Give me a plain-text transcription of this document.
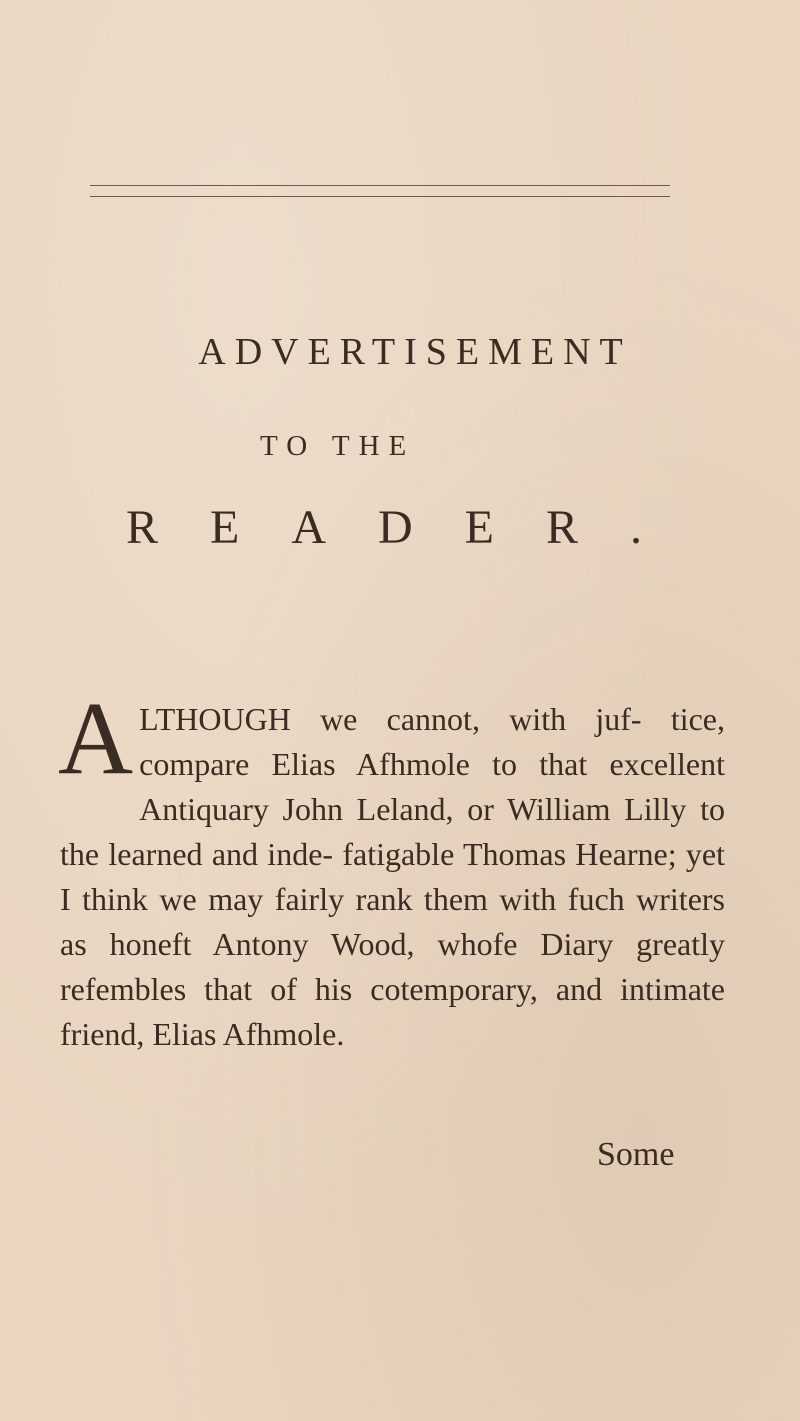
ADVERTISEMENT
TO THE
READER.
ALTHOUGH we cannot, with juf- tice, compare Elias Afhmole to that excellent Antiquary John Leland, or William Lilly to the learned and inde- fatigable Thomas Hearne; yet I think we may fairly rank them with fuch writers as honeft Antony Wood, whofe Diary greatly refembles that of his cotemporary, and intimate friend, Elias Afhmole.
Some
